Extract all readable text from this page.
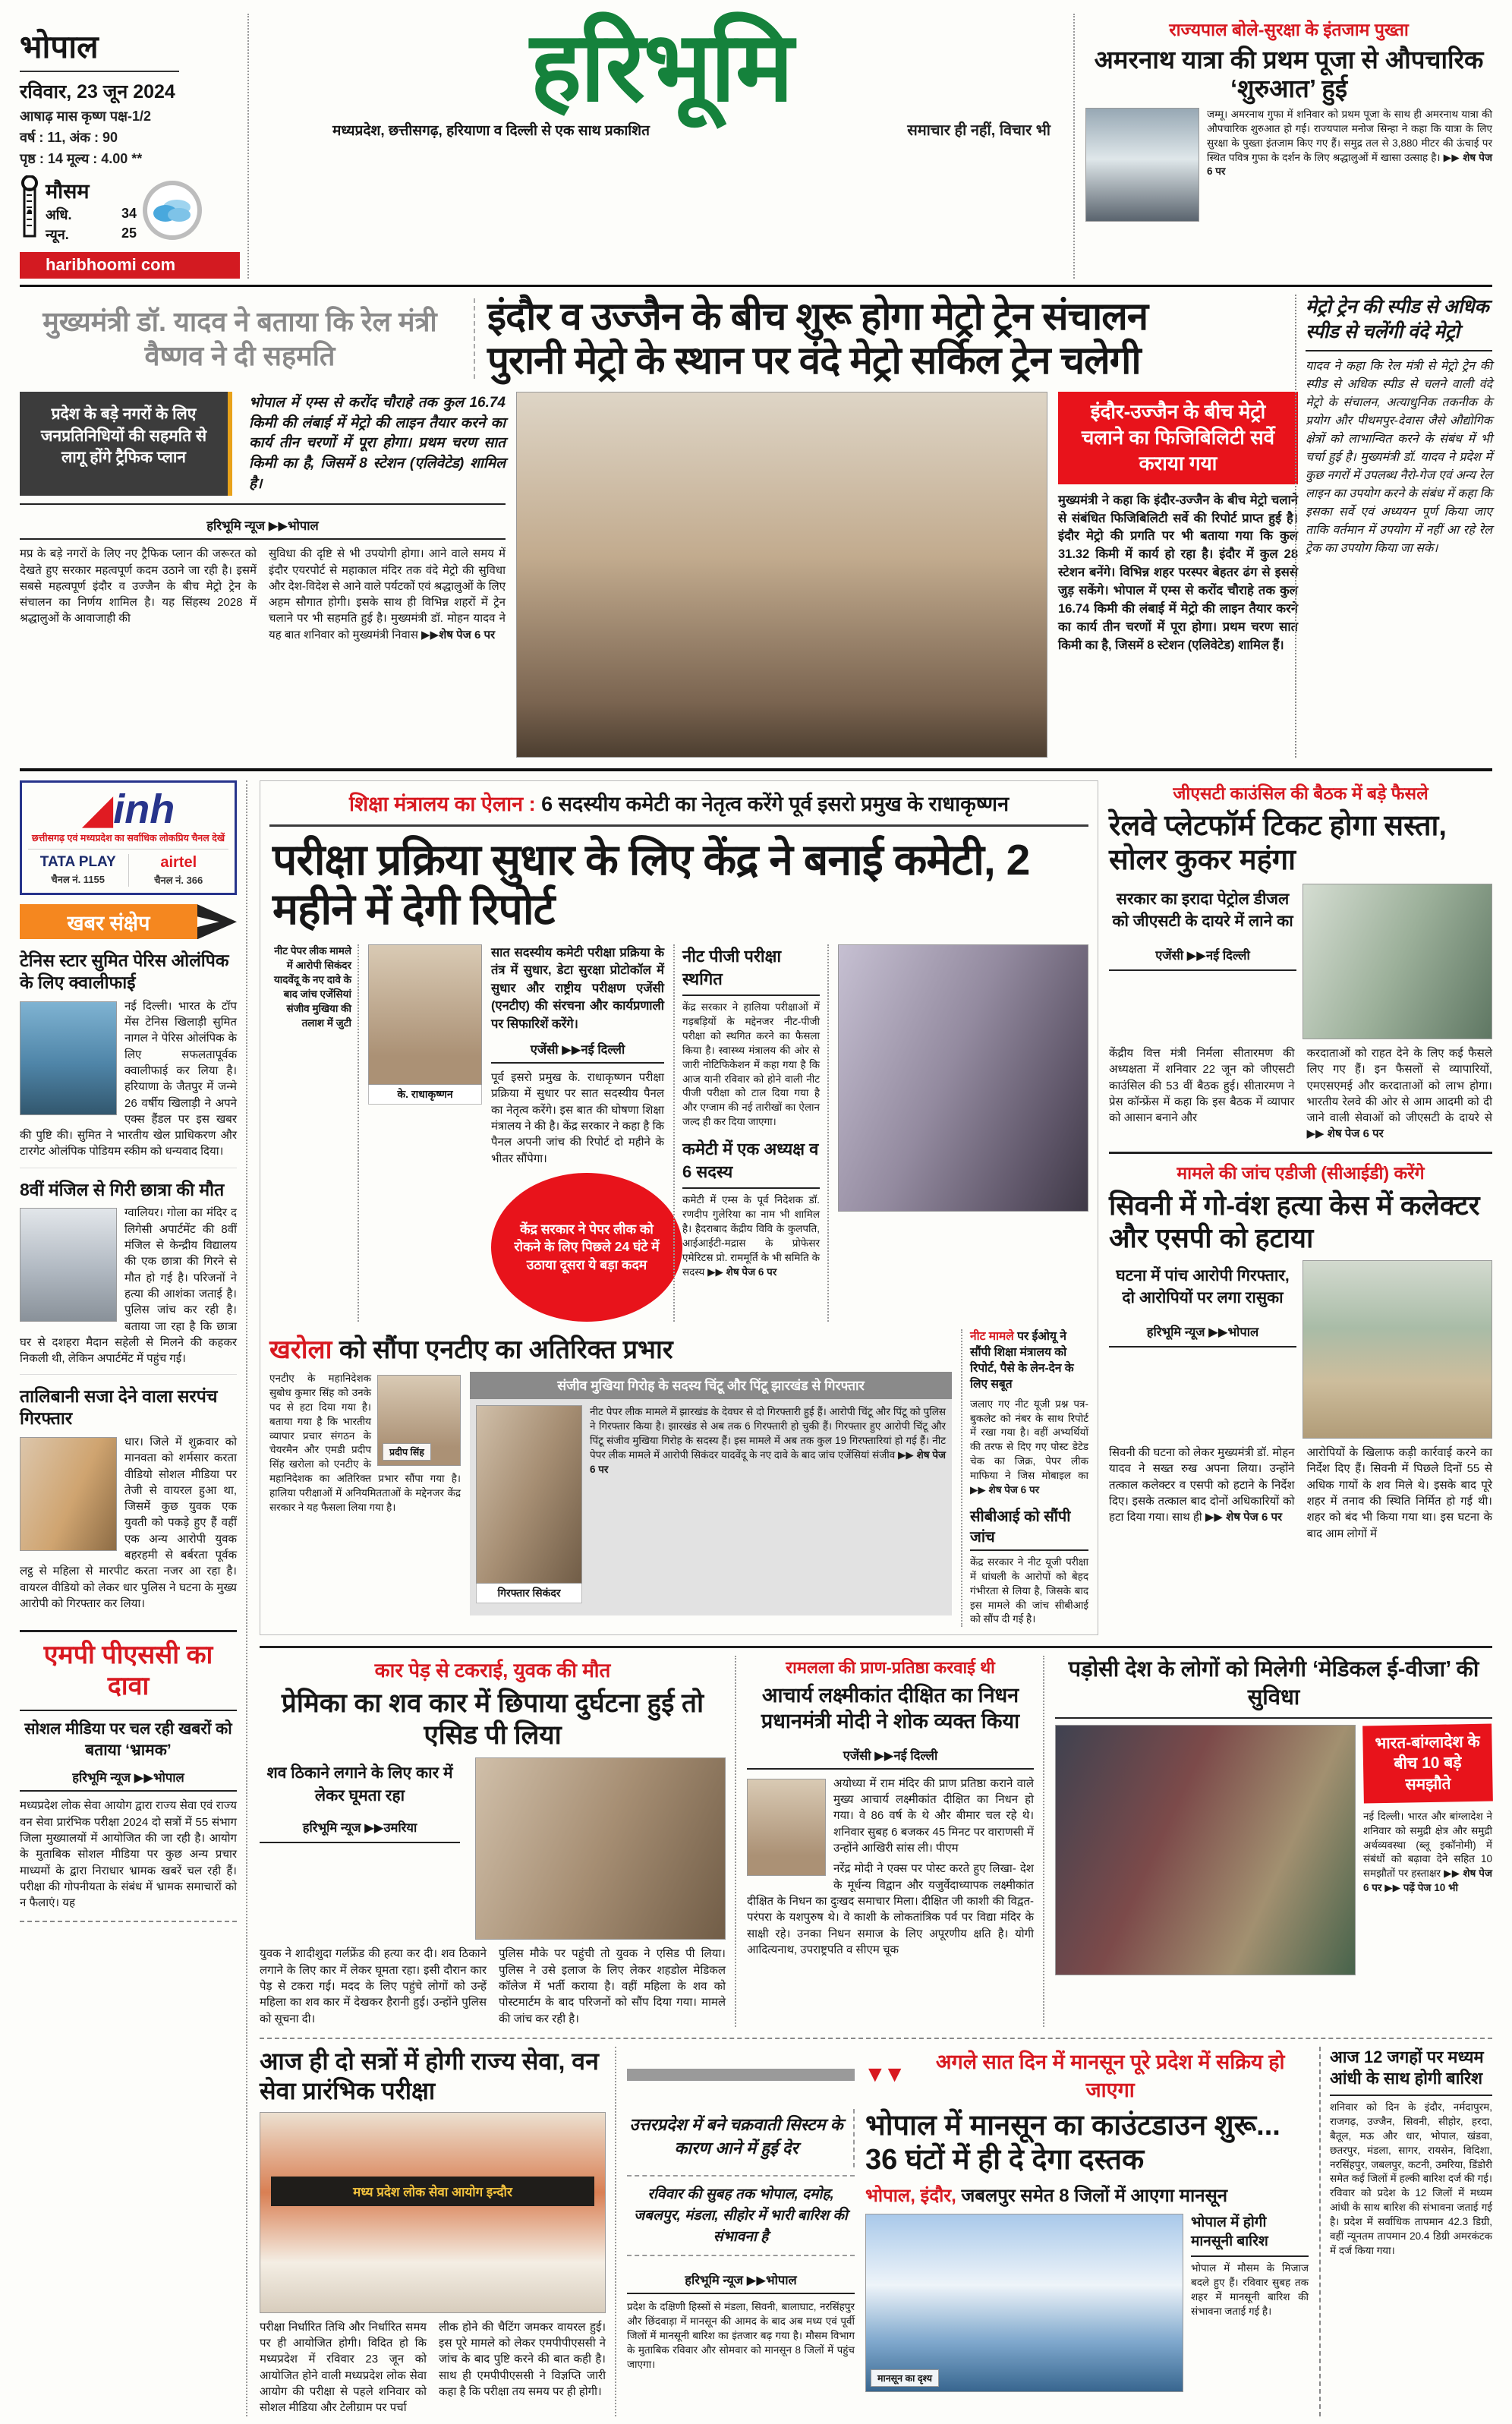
भोपाल
रविवार, 23 जून 2024
आषाढ़ मास कृष्ण पक्ष-1/2
वर्ष : 11, अंक : 90
पृष्ठ : 14 मूल्य : 4.00 **
मौसम
अधि.	34
न्यून.	25
haribhoomi com
हरिभूमि
मध्यप्रदेश, छत्तीसगढ़, हरियाणा व दिल्ली से एक साथ प्रकाशित	समाचार ही नहीं, विचार भी
राज्यपाल बोले-सुरक्षा के इंतजाम पुख्ता
अमरनाथ यात्रा की प्रथम पूजा से औपचारिक ‘शुरुआत’ हुई

जम्मू। अमरनाथ गुफा में शनिवार को प्रथम पूजा के साथ ही अमरनाथ यात्रा की औपचारिक शुरुआत हो गई। राज्यपाल मनोज सिन्हा ने कहा कि यात्रा के लिए सुरक्षा के पुख्ता इंतजाम किए गए हैं। समुद्र तल से 3,880 मीटर की ऊंचाई पर स्थित पवित्र गुफा के दर्शन के लिए श्रद्धालुओं में खासा उत्साह है। ▶▶ शेष पेज 6 पर

मुख्यमंत्री डॉ. यादव ने बताया कि रेल मंत्री वैष्णव ने दी सहमति
इंदौर व उज्जैन के बीच शुरू होगा मेट्रो ट्रेन संचालन
पुरानी मेट्रो के स्थान पर वंदे मेट्रो सर्किल ट्रेन चलेगी
प्रदेश के बड़े नगरों के लिए जनप्रतिनिधियों की सहमति से लागू होंगे ट्रैफिक प्लान
भोपाल में एम्स से करोंद चौराहे तक कुल 16.74 किमी की लंबाई में मेट्रो की लाइन तैयार करने का कार्य तीन चरणों में पूरा होगा। प्रथम चरण सात किमी का है, जिसमें 8 स्टेशन (एलिवेटेड) शामिल है।
हरिभूमि न्यूज ▶▶भोपाल

मप्र के बड़े नगरों के लिए नए ट्रैफिक प्लान की जरूरत को देखते हुए सरकार महत्वपूर्ण कदम उठाने जा रही है। इसमें सबसे महत्वपूर्ण इंदौर व उज्जैन के बीच मेट्रो ट्रेन के संचालन का निर्णय शामिल है। यह सिंहस्थ 2028 में श्रद्धालुओं के आवाजाही की

सुविधा की दृष्टि से भी उपयोगी होगा। आने वाले समय में इंदौर एयरपोर्ट से महाकाल मंदिर तक वंदे मेट्रो की सुविधा और देश-विदेश से आने वाले पर्यटकों एवं श्रद्धालुओं के लिए अहम सौगात होगी। इसके साथ ही विभिन्न शहरों में ट्रेन चलाने पर भी सहमति हुई है। मुख्यमंत्री डॉ. मोहन यादव ने यह बात शनिवार को मुख्यमंत्री निवास ▶▶शेष पेज 6 पर

इंदौर-उज्जैन के बीच मेट्रो चलाने का फिजिबिलिटी सर्वे कराया गया

मुख्यमंत्री ने कहा कि इंदौर-उज्जैन के बीच मेट्रो चलाने से संबंधित फिजिबिलिटी सर्वे की रिपोर्ट प्राप्त हुई है। इंदौर मेट्रो की प्रगति पर भी बताया गया कि कुल 31.32 किमी में कार्य हो रहा है। इंदौर में कुल 28 स्टेशन बनेंगे। विभिन्न शहर परस्पर बेहतर ढंग से इससे जुड़ सकेंगे। भोपाल में एम्स से करोंद चौराहे तक कुल 16.74 किमी की लंबाई में मेट्रो की लाइन तैयार करने का कार्य तीन चरणों में पूरा होगा। प्रथम चरण सात किमी का है, जिसमें 8 स्टेशन (एलिवेटेड) शामिल हैं।

मेट्रो ट्रेन की स्पीड से अधिक स्पीड से चलेंगी वंदे मेट्रो

यादव ने कहा कि रेल मंत्री से मेट्रो ट्रेन की स्पीड से अधिक स्पीड से चलने वाली वंदे मेट्रो के संचालन, अत्याधुनिक तकनीक के प्रयोग और पीथमपुर-देवास जैसे औद्योगिक क्षेत्रों को लाभान्वित करने के संबंध में भी चर्चा हुई है। मुख्यमंत्री डॉ. यादव ने प्रदेश में कुछ नगरों में उपलब्ध नैरो-गेज एवं अन्य रेल लाइन का उपयोग करने के संबंध में कहा कि इसका सर्वे एवं अध्ययन पूर्ण किया जाए ताकि वर्तमान में उपयोग में नहीं आ रहे रेल ट्रेक का उपयोग किया जा सके।

◢inh
छत्तीसगढ़ एवं मध्यप्रदेश का सर्वाधिक लोकप्रिय चैनल देखें
TATA PLAY
चैनल नं. 1155
airtel
चैनल नं. 366
खबर संक्षेप
टेनिस स्टार सुमित पेरिस ओलंपिक के लिए क्वालीफाई

नई दिल्ली। भारत के टॉप मेंस टेनिस खिलाड़ी सुमित नागल ने पेरिस ओलंपिक के लिए सफलतापूर्वक क्वालीफाई कर लिया है। हरियाणा के जैतपुर में जन्मे 26 वर्षीय खिलाड़ी ने अपने एक्स हैंडल पर इस खबर की पुष्टि की। सुमित ने भारतीय खेल प्राधिकरण और टारगेट ओलंपिक पोडियम स्कीम को धन्यवाद दिया।

8वीं मंजिल से गिरी छात्रा की मौत

ग्वालियर। गोला का मंदिर द लिगेसी अपार्टमेंट की 8वीं मंजिल से केन्द्रीय विद्यालय की एक छात्रा की गिरने से मौत हो गई है। परिजनों ने हत्या की आशंका जताई है। पुलिस जांच कर रही है। बताया जा रहा है कि छात्रा घर से दशहरा मैदान सहेली से मिलने की कहकर निकली थी, लेकिन अपार्टमेंट में पहुंच गई।

तालिबानी सजा देने वाला सरपंच गिरफ्तार

धार। जिले में शुक्रवार को मानवता को शर्मसार करता वीडियो सोशल मीडिया पर तेजी से वायरल हुआ था, जिसमें कुछ युवक एक युवती को पकड़े हुए हैं वहीं एक अन्य आरोपी युवक बहरहमी से बर्बरता पूर्वक लट्ठ से महिला से मारपीट करता नजर आ रहा है। वायरल वीडियो को लेकर धार पुलिस ने घटना के मुख्य आरोपी को गिरफ्तार कर लिया।

एमपी पीएससी का दावा
सोशल मीडिया पर चल रही खबरों को बताया ‘भ्रामक’
हरिभूमि न्यूज ▶▶भोपाल

मध्यप्रदेश लोक सेवा आयोग द्वारा राज्य सेवा एवं राज्य वन सेवा प्रारंभिक परीक्षा 2024 दो सत्रों में 55 संभाग जिला मुख्यालयों में आयोजित की जा रही है। आयोग के मुताबिक सोशल मीडिया पर कुछ अन्य प्रचार माध्यमों के द्वारा निराधार भ्रामक खबरें चल रही हैं। परीक्षा की गोपनीयता के संबंध में भ्रामक समाचारों को न फैलाएं। यह

शिक्षा मंत्रालय का ऐलान : 6 सदस्यीय कमेटी का नेतृत्व करेंगे पूर्व इसरो प्रमुख के राधाकृष्णन
परीक्षा प्रक्रिया सुधार के लिए केंद्र ने बनाई कमेटी, 2 महीने में देगी रिपोर्ट
नीट पेपर लीक मामले में आरोपी सिकंदर यादवेंदू के नए दावे के बाद जांच एजेंसियां संजीव मुखिया की तलाश में जुटी
के. राधाकृष्णन

सात सदस्यीय कमेटी परीक्षा प्रक्रिया के तंत्र में सुधार, डेटा सुरक्षा प्रोटोकॉल में सुधार और राष्ट्रीय परीक्षण एजेंसी (एनटीए) की संरचना और कार्यप्रणाली पर सिफारिशें करेंगे।

एजेंसी ▶▶नई दिल्ली

पूर्व इसरो प्रमुख के. राधाकृष्णन परीक्षा प्रक्रिया में सुधार पर सात सदस्यीय पैनल का नेतृत्व करेंगे। इस बात की घोषणा शिक्षा मंत्रालय ने की है। केंद्र सरकार ने कहा है कि पैनल अपनी जांच की रिपोर्ट दो महीने के भीतर सौंपेगा।

केंद्र सरकार ने पेपर लीक को रोकने के लिए पिछले 24 घंटे में उठाया दूसरा ये बड़ा कदम
नीट पीजी परीक्षा स्थगित

केंद्र सरकार ने हालिया परीक्षाओं में गड़बड़ियों के मद्देनजर नीट-पीजी परीक्षा को स्थगित करने का फैसला किया है। स्वास्थ्य मंत्रालय की ओर से जारी नोटिफिकेशन में कहा गया है कि आज यानी रविवार को होने वाली नीट पीजी परीक्षा को टाल दिया गया है और एग्जाम की नई तारीखों का ऐलान जल्द ही कर दिया जाएगा।

कमेटी में एक अध्यक्ष व 6 सदस्य

कमेटी में एम्स के पूर्व निदेशक डॉ. रणदीप गुलेरिया का नाम भी शामिल है। हैदराबाद केंद्रीय विवि के कुलपति, आईआईटी-मद्रास के प्रोफेसर एमेरिटस प्रो. राममूर्ति के भी समिति के सदस्य ▶▶ शेष पेज 6 पर

खरोला को सौंपा एनटीए का अतिरिक्त प्रभार
प्रदीप सिंह

एनटीए के महानिदेशक सुबोध कुमार सिंह को उनके पद से हटा दिया गया है। बताया गया है कि भारतीय व्यापार प्रचार संगठन के चेयरमैन और एमडी प्रदीप सिंह खरोला को एनटीए के महानिदेशक का अतिरिक्त प्रभार सौंपा गया है। हालिया परीक्षाओं में अनियमितताओं के मद्देनजर केंद्र सरकार ने यह फैसला लिया गया है।

संजीव मुखिया गिरोह के सदस्य चिंटू और पिंटू झारखंड से गिरफ्तार
गिरफ्तार सिकंदर

नीट पेपर लीक मामले में झारखंड के देवघर से दो गिरफ्तारी हुई हैं। आरोपी चिंटू और पिंटू को पुलिस ने गिरफ्तार किया है। झारखंड से अब तक 6 गिरफ्तारी हो चुकी हैं। गिरफ्तार हुए आरोपी चिंटू और पिंटू संजीव मुखिया गिरोह के सदस्य हैं। इस मामले में अब तक कुल 19 गिरफ्तारियां हो गई हैं। नीट पेपर लीक मामले में आरोपी सिकंदर यादवेंदू के नए दावे के बाद जांच एजेंसियां संजीव ▶▶ शेष पेज 6 पर

नीट मामले पर ईओयू ने सौंपी शिक्षा मंत्रालय को रिपोर्ट, पैसे के लेन-देन के लिए सबूत

जलाए गए नीट यूजी प्रश्न पत्र-बुकलेट को नंबर के साथ रिपोर्ट में रखा गया है। वहीं अभ्यर्थियों की तरफ से दिए गए पोस्ट डेटेड चेक का जिक्र, पेपर लीक माफिया ने जिस मोबाइल का ▶▶ शेष पेज 6 पर

सीबीआई को सौंपी जांच

केंद्र सरकार ने नीट यूजी परीक्षा में धांधली के आरोपों को बेहद गंभीरता से लिया है, जिसके बाद इस मामले की जांच सीबीआई को सौंप दी गई है।

जीएसटी काउंसिल की बैठक में बड़े फैसले
रेलवे प्लेटफॉर्म टिकट होगा सस्ता, सोलर कुकर महंगा
सरकार का इरादा पेट्रोल डीजल को जीएसटी के दायरे में लाने का
एजेंसी ▶▶नई दिल्ली

केंद्रीय वित्त मंत्री निर्मला सीतारमण की अध्यक्षता में शनिवार 22 जून को जीएसटी काउंसिल की 53 वीं बैठक हुई। सीतारमण ने प्रेस कॉन्फ्रेंस में कहा कि इस बैठक में व्यापार को आसान बनाने और

करदाताओं को राहत देने के लिए कई फैसले लिए गए हैं। इन फैसलों से व्यापारियों, एमएसएमई और करदाताओं को लाभ होगा। भारतीय रेलवे की ओर से आम आदमी को दी जाने वाली सेवाओं को जीएसटी के दायरे से ▶▶ शेष पेज 6 पर

मामले की जांच एडीजी (सीआईडी) करेंगे
सिवनी में गो-वंश हत्या केस में कलेक्टर और एसपी को हटाया
घटना में पांच आरोपी गिरफ्तार, दो आरोपियों पर लगा रासुका
हरिभूमि न्यूज ▶▶भोपाल

सिवनी की घटना को लेकर मुख्यमंत्री डॉ. मोहन यादव ने सख्त रुख अपना लिया। उन्होंने तत्काल कलेक्टर व एसपी को हटाने के निर्देश दिए। इसके तत्काल बाद दोनों अधिकारियों को हटा दिया गया। साथ ही ▶▶ शेष पेज 6 पर

आरोपियों के खिलाफ कड़ी कार्रवाई करने का निर्देश दिए हैं। सिवनी में पिछले दिनों 55 से अधिक गायों के शव मिले थे। इसके बाद पूरे शहर में तनाव की स्थिति निर्मित हो गई थी। शहर को बंद भी किया गया था। इस घटना के बाद आम लोगों में

कार पेड़ से टकराई, युवक की मौत
प्रेमिका का शव कार में छिपाया दुर्घटना हुई तो एसिड पी लिया
शव ठिकाने लगाने के लिए कार में लेकर घूमता रहा
हरिभूमि न्यूज ▶▶उमरिया

युवक ने शादीशुदा गर्लफ्रेंड की हत्या कर दी। शव ठिकाने लगाने के लिए कार में लेकर घूमता रहा। इसी दौरान कार पेड़ से टकरा गई। मदद के लिए पहुंचे लोगों को उन्हें महिला का शव कार में देखकर हैरानी हुई। उन्होंने पुलिस को सूचना दी।

पुलिस मौके पर पहुंची तो युवक ने एसिड पी लिया। पुलिस ने उसे इलाज के लिए लेकर शहडोल मेडिकल कॉलेज में भर्ती कराया है। वहीं महिला के शव को पोस्टमार्टम के बाद परिजनों को सौंप दिया गया। मामले की जांच कर रही है।

रामलला की प्राण-प्रतिष्ठा करवाई थी
आचार्य लक्ष्मीकांत दीक्षित का निधन प्रधानमंत्री मोदी ने शोक व्यक्त किया
एजेंसी ▶▶नई दिल्ली

अयोध्या में राम मंदिर की प्राण प्रतिष्ठा कराने वाले मुख्य आचार्य लक्ष्मीकांत दीक्षित का निधन हो गया। वे 86 वर्ष के थे और बीमार चल रहे थे। शनिवार सुबह 6 बजकर 45 मिनट पर वाराणसी में उन्होंने आखिरी सांस ली। पीएम

नरेंद्र मोदी ने एक्स पर पोस्ट करते हुए लिखा- देश के मूर्धन्य विद्वान और यजुर्वेदाध्यापक लक्ष्मीकांत दीक्षित के निधन का दुःखद समाचार मिला। दीक्षित जी काशी की विद्वत-परंपरा के यशपुरुष थे। वे काशी के लोकतांत्रिक पर्व पर विद्या मंदिर के साक्षी रहे। उनका निधन समाज के लिए अपूरणीय क्षति है। योगी आदित्यनाथ, उपराष्ट्रपति व सीएम चूक

पड़ोसी देश के लोगों को मिलेगी ‘मेडिकल ई-वीजा’ की सुविधा
भारत-बांग्लादेश के बीच 10 बड़े समझौते

नई दिल्ली। भारत और बांग्लादेश ने शनिवार को समुद्री क्षेत्र और समुद्री अर्थव्यवस्था (ब्लू इकॉनोमी) में संबंधों को बढ़ावा देने सहित 10 समझौतों पर हस्ताक्षर ▶▶ शेष पेज 6 पर ▶▶ पढ़ें पेज 10 भी

आज ही दो सत्रों में होगी राज्य सेवा, वन सेवा प्रारंभिक परीक्षा
मध्य प्रदेश लोक सेवा आयोग इन्दौर

परीक्षा निर्धारित तिथि और निर्धारित समय पर ही आयोजित होगी। विदित हो कि मध्यप्रदेश में रविवार 23 जून को आयोजित होने वाली मध्यप्रदेश लोक सेवा आयोग की परीक्षा से पहले शनिवार को सोशल मीडिया और टेलीग्राम पर पर्चा

लीक होने की चैटिंग जमकर वायरल हुई। इस पूरे मामले को लेकर एमपीपीएससी ने जांच के बाद पुष्टि करने की बात कही है। साथ ही एमपीपीएससी ने विज्ञप्ति जारी कहा है कि परीक्षा तय समय पर ही होगी।

▼▼
अगले सात दिन में मानसून पूरे प्रदेश में सक्रिय हो जाएगा
उत्तरप्रदेश में बने चक्रवाती सिस्टम के कारण आने में हुई देर
रविवार की सुबह तक भोपाल, दमोह, जबलपुर, मंडला, सीहोर में भारी बारिश की संभावना है
हरिभूमि न्यूज ▶▶भोपाल

प्रदेश के दक्षिणी हिस्सों से मंडला, सिवनी, बालाघाट, नरसिंहपुर और छिंदवाड़ा में मानसून की आमद के बाद अब मध्य एवं पूर्वी जिलों में मानसूनी बारिश का इंतजार बढ़ गया है। मौसम विभाग के मुताबिक रविवार और सोमवार को मानसून 8 जिलों में पहुंच जाएगा।

भोपाल में मानसून का काउंटडाउन शुरू... 36 घंटों में ही दे देगा दस्तक
भोपाल, इंदौर, जबलपुर समेत 8 जिलों में आएगा मानसून
मानसून का दृश्य
भोपाल में होगी मानसूनी बारिश

भोपाल में मौसम के मिजाज बदले हुए हैं। रविवार सुबह तक शहर में मानसूनी बारिश की संभावना जताई गई है।

आज 12 जगहों पर मध्यम आंधी के साथ होगी बारिश

शनिवार को दिन के इंदौर, नर्मदापुरम, राजगढ़, उज्जैन, सिवनी, सीहोर, हरदा, बैतूल, मऊ और धार, भोपाल, खंडवा, छतरपुर, मंडला, सागर, रायसेन, विदिशा, नरसिंहपुर, जबलपुर, कटनी, उमरिया, डिंडोरी समेत कई जिलों में हल्की बारिश दर्ज की गई। रविवार को प्रदेश के 12 जिलों में मध्यम आंधी के साथ बारिश की संभावना जताई गई है। प्रदेश में सर्वाधिक तापमान 42.3 डिग्री, वहीं न्यूनतम तापमान 20.4 डिग्री अमरकंटक में दर्ज किया गया।
